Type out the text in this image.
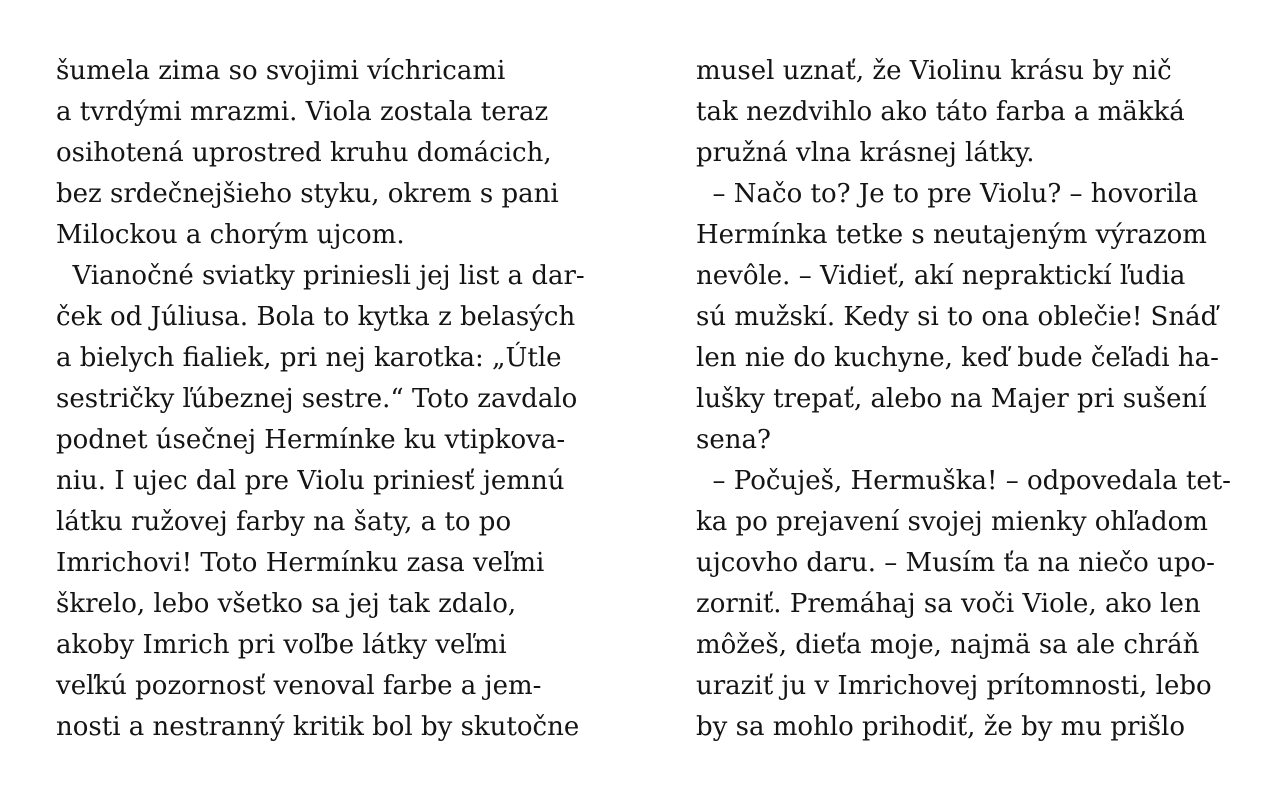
šumela zima so svojimi víchricami
a tvrdými mrazmi. Viola zostala teraz
osihotená uprostred kruhu domácich,
bez srdečnejšieho styku, okrem s pani
Milockou a chorým ujcom.
Vianočné sviatky priniesli jej list a dar-
ček od Júliusa. Bola to kytka z belasých
a bielych fialiek, pri nej karotka: „Útle
sestričky ľúbeznej sestre.“ Toto zavdalo
podnet úsečnej Hermínke ku vtipkova-
niu. I ujec dal pre Violu priniesť jemnú
látku ružovej farby na šaty, a to po
Imrichovi! Toto Hermínku zasa veľmi
škrelo, lebo všetko sa jej tak zdalo,
akoby Imrich pri voľbe látky veľmi
veľkú pozornosť venoval farbe a jem-
nosti a nestranný kritik bol by skutočne
musel uznať, že Violinu krásu by nič
tak nezdvihlo ako táto farba a mäkká
pružná vlna krásnej látky.
– Načo to? Je to pre Violu? – hovorila
Hermínka tetke s neutajeným výrazom
nevôle. – Vidieť, akí nepraktickí ľudia
sú mužskí. Kedy si to ona oblečie! Snáď
len nie do kuchyne, keď bude čeľadi ha-
lušky trepať, alebo na Majer pri sušení
sena?
– Počuješ, Hermuška! – odpovedala tet-
ka po prejavení svojej mienky ohľadom
ujcovho daru. – Musím ťa na niečo upo-
zorniť. Premáhaj sa voči Viole, ako len
môžeš, dieťa moje, najmä sa ale chráň
uraziť ju v Imrichovej prítomnosti, lebo
by sa mohlo prihodiť, že by mu prišlo
